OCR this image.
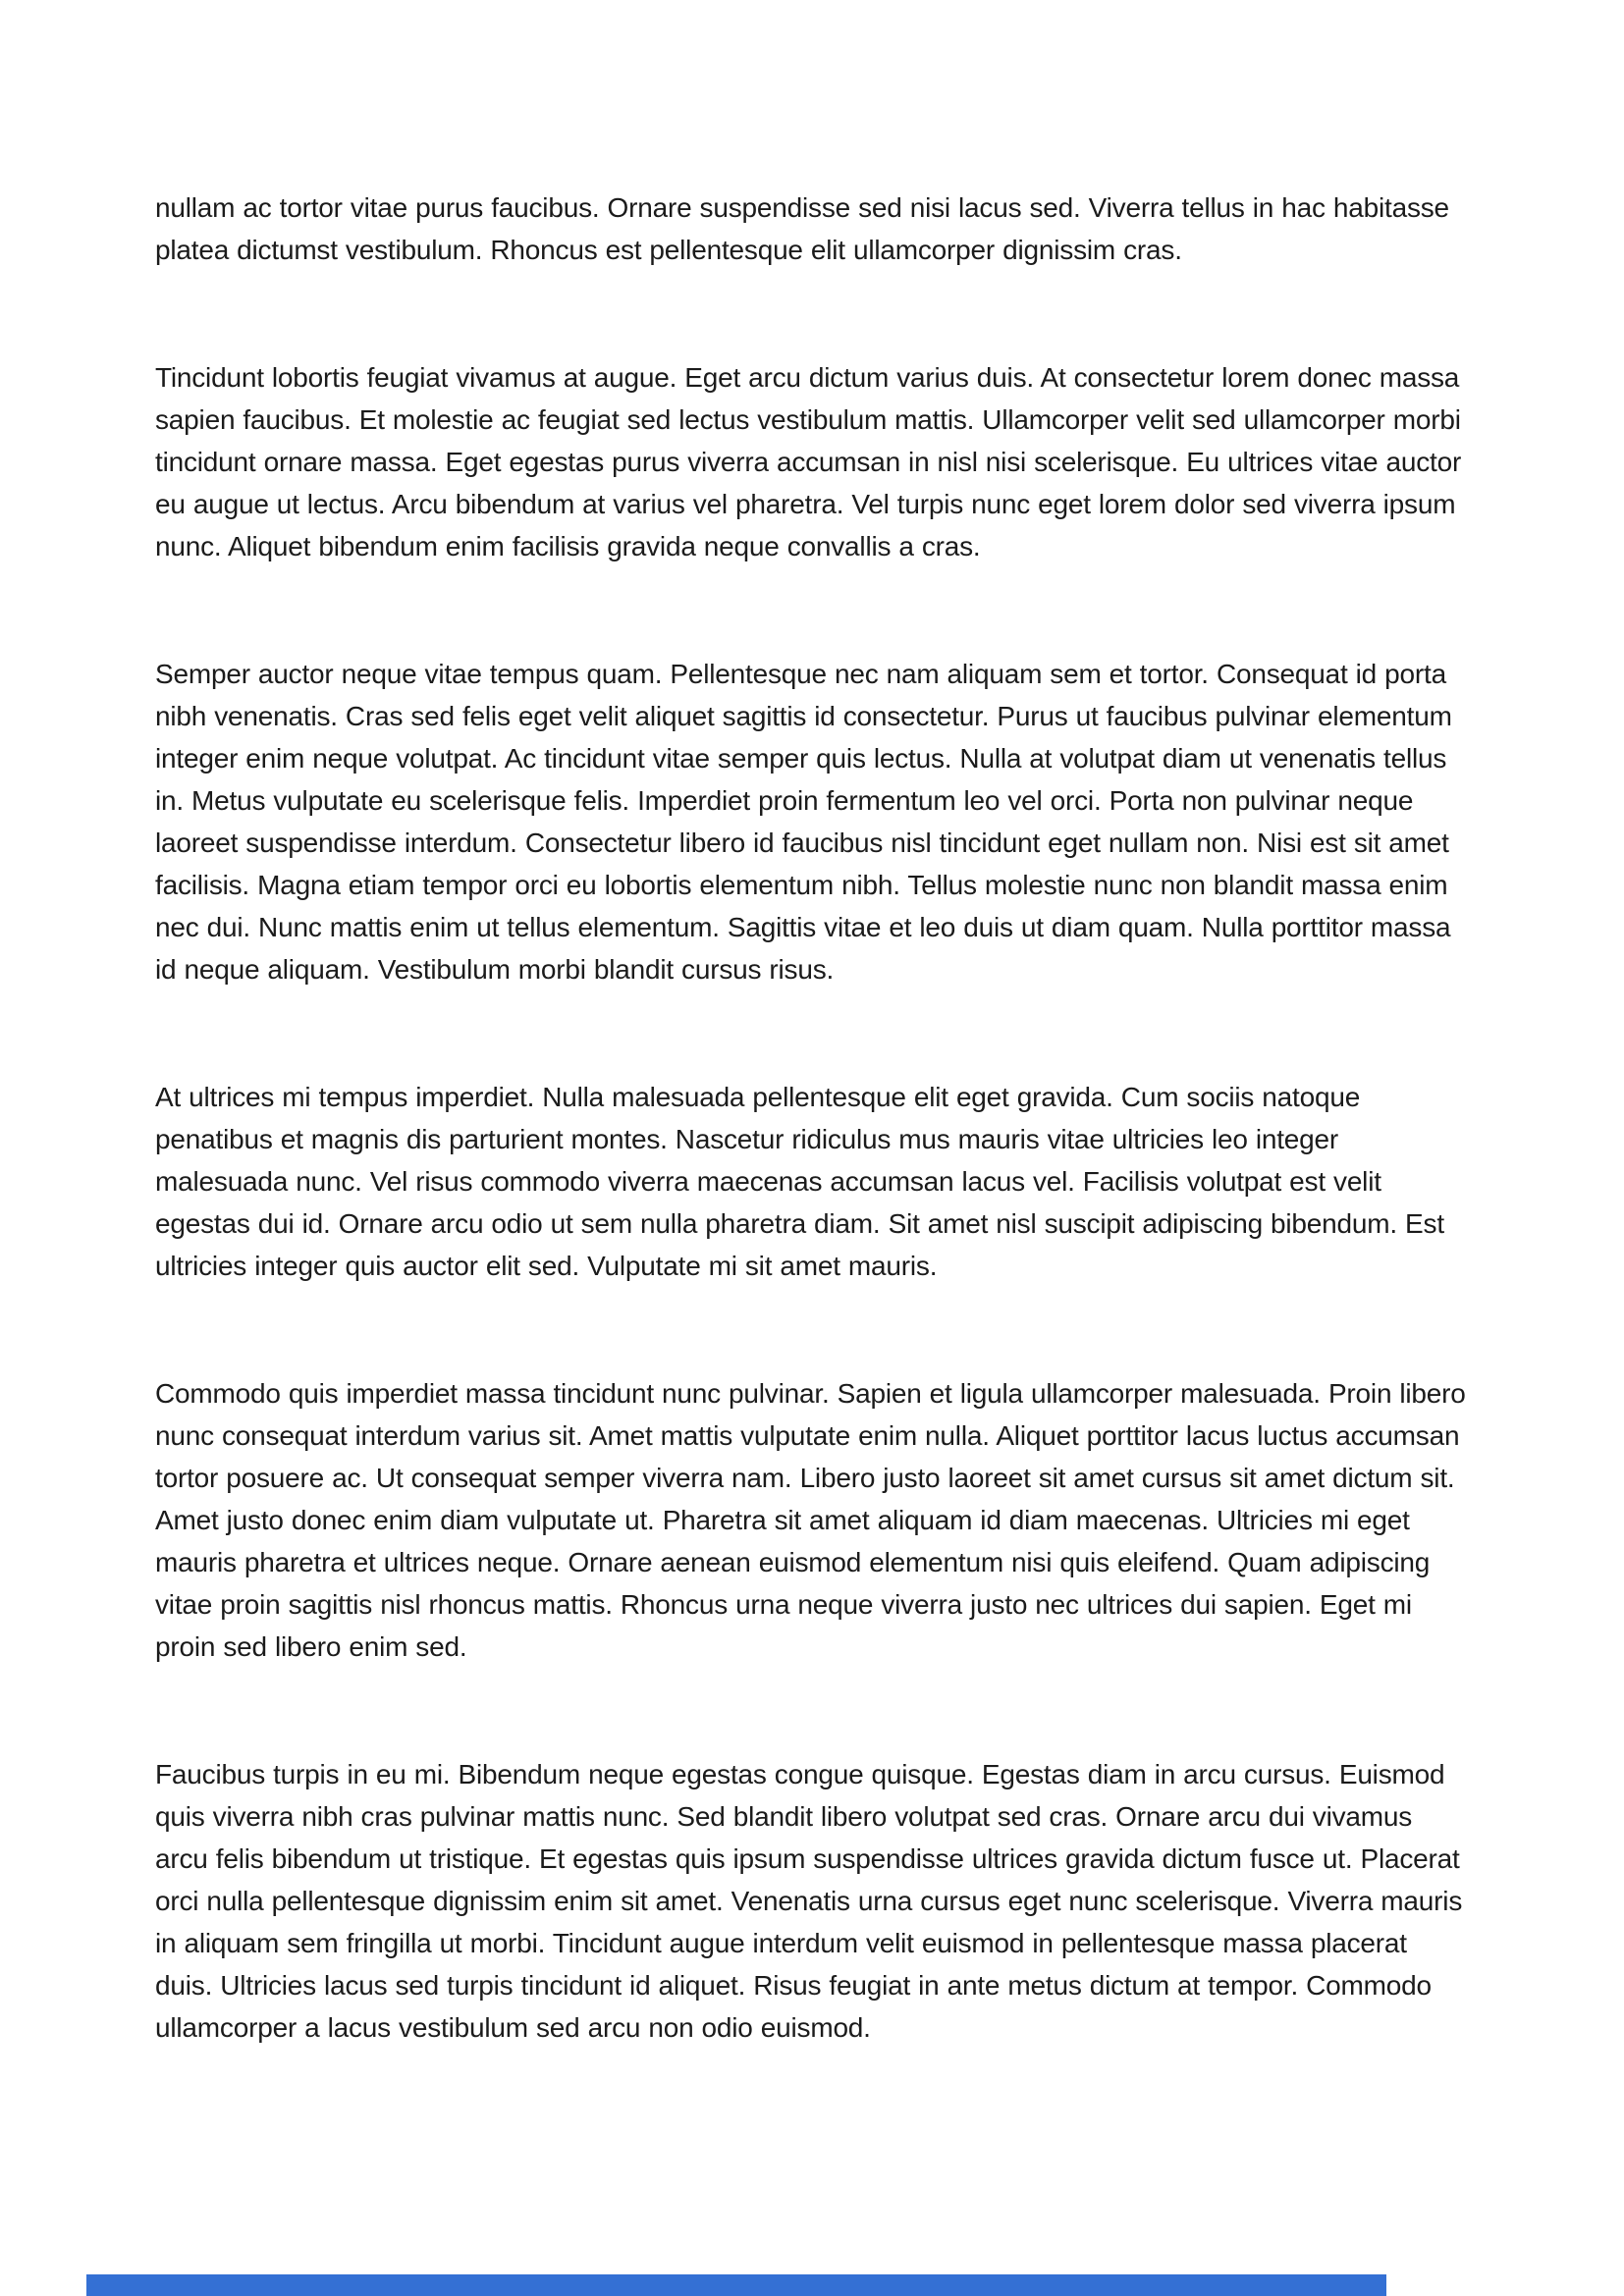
nullam ac tortor vitae purus faucibus. Ornare suspendisse sed nisi lacus sed. Viverra tellus in hac habitasse platea dictumst vestibulum. Rhoncus est pellentesque elit ullamcorper dignissim cras.

Tincidunt lobortis feugiat vivamus at augue. Eget arcu dictum varius duis. At consectetur lorem donec massa sapien faucibus. Et molestie ac feugiat sed lectus vestibulum mattis. Ullamcorper velit sed ullamcorper morbi tincidunt ornare massa. Eget egestas purus viverra accumsan in nisl nisi scelerisque. Eu ultrices vitae auctor eu augue ut lectus. Arcu bibendum at varius vel pharetra. Vel turpis nunc eget lorem dolor sed viverra ipsum nunc. Aliquet bibendum enim facilisis gravida neque convallis a cras.

Semper auctor neque vitae tempus quam. Pellentesque nec nam aliquam sem et tortor. Consequat id porta nibh venenatis. Cras sed felis eget velit aliquet sagittis id consectetur. Purus ut faucibus pulvinar elementum integer enim neque volutpat. Ac tincidunt vitae semper quis lectus. Nulla at volutpat diam ut venenatis tellus in. Metus vulputate eu scelerisque felis. Imperdiet proin fermentum leo vel orci. Porta non pulvinar neque laoreet suspendisse interdum. Consectetur libero id faucibus nisl tincidunt eget nullam non. Nisi est sit amet facilisis. Magna etiam tempor orci eu lobortis elementum nibh. Tellus molestie nunc non blandit massa enim nec dui. Nunc mattis enim ut tellus elementum. Sagittis vitae et leo duis ut diam quam. Nulla porttitor massa id neque aliquam. Vestibulum morbi blandit cursus risus.

At ultrices mi tempus imperdiet. Nulla malesuada pellentesque elit eget gravida. Cum sociis natoque penatibus et magnis dis parturient montes. Nascetur ridiculus mus mauris vitae ultricies leo integer malesuada nunc. Vel risus commodo viverra maecenas accumsan lacus vel. Facilisis volutpat est velit egestas dui id. Ornare arcu odio ut sem nulla pharetra diam. Sit amet nisl suscipit adipiscing bibendum. Est ultricies integer quis auctor elit sed. Vulputate mi sit amet mauris.

Commodo quis imperdiet massa tincidunt nunc pulvinar. Sapien et ligula ullamcorper malesuada. Proin libero nunc consequat interdum varius sit. Amet mattis vulputate enim nulla. Aliquet porttitor lacus luctus accumsan tortor posuere ac. Ut consequat semper viverra nam. Libero justo laoreet sit amet cursus sit amet dictum sit. Amet justo donec enim diam vulputate ut. Pharetra sit amet aliquam id diam maecenas. Ultricies mi eget mauris pharetra et ultrices neque. Ornare aenean euismod elementum nisi quis eleifend. Quam adipiscing vitae proin sagittis nisl rhoncus mattis. Rhoncus urna neque viverra justo nec ultrices dui sapien. Eget mi proin sed libero enim sed.

Faucibus turpis in eu mi. Bibendum neque egestas congue quisque. Egestas diam in arcu cursus. Euismod quis viverra nibh cras pulvinar mattis nunc. Sed blandit libero volutpat sed cras. Ornare arcu dui vivamus arcu felis bibendum ut tristique. Et egestas quis ipsum suspendisse ultrices gravida dictum fusce ut. Placerat orci nulla pellentesque dignissim enim sit amet. Venenatis urna cursus eget nunc scelerisque. Viverra mauris in aliquam sem fringilla ut morbi. Tincidunt augue interdum velit euismod in pellentesque massa placerat duis. Ultricies lacus sed turpis tincidunt id aliquet. Risus feugiat in ante metus dictum at tempor. Commodo ullamcorper a lacus vestibulum sed arcu non odio euismod.
